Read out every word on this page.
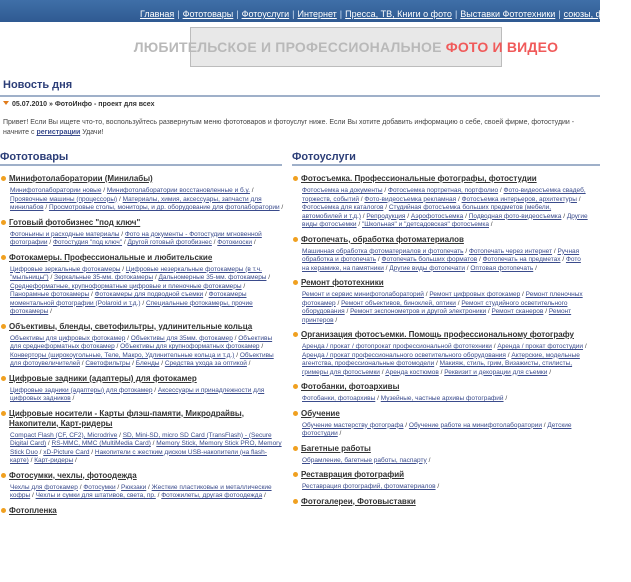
Главная | Фототовары | Фотоуслуги | Интернет | Пресса, ТВ, Книги о фото | Выставки Фототехники | союзы, фотоклу
ЛЮБИТЕЛЬСКОЕ И ПРОФЕССИОНАЛЬНОЕ ФОТО И ВИДЕО
Новость дня
05.07.2010 » ФотоИнфо - проект для всех
Привет! Если Вы ищете что-то, воспользуйтесь развернутым меню фототоваров и фотоуслуг ниже. Если Вы хотите добавить информацию о себе, своей фирме, фотостудии - начните с регистрации Удачи!
Фототовары	Фотоуслуги
Минифотолаборатории (Минилабы)
Минифотолаборатории новые / Минифотолаборатории восстановленные и б.у. / Проявочные машины (процессоры) / Материалы, химия, аксессуары, запчасти для минилабов / Просмотровые столы, мониторы, и др. оборудование для фотолаборатории /
Готовый фотобизнес "под ключ"
Фотоньины и расходные материалы / Фото на документы - Фотостудии мгновенной фотографии / Фотостудия "под ключ" / Другой готовый фотобизнес / Фотокиоски /
Фотокамеры. Профессиональные и любительские
Цифровые зеркальные фотокамеры / Цифровые незеркальные фотокамеры (в т.ч. "мыльницы") / Зеркальные 35-мм. фотокамеры / Дальномерные 35-мм. фотокамеры / Среднеформатные, крупноформатные цифровые и пленочные фотокамеры / Панорамные фотокамеры / Фотокамеры для подводной съемки / Фотокамеры моментальной фотографии (Polaroid и т.д.) / Специальные фотокамеры, прочие фотокамеры /
Объективы, бленды, светофильтры, удлинительные кольца
Объективы для цифровых фотокамер / Объективы для 35мм. фотокамер / Объективы для среднеформатных фотокамер / Объективы для крупноформатных фотокамер / Конверторы (широкоугольные, Теле, Макро, Удлинительные кольца и т.д.) / Объективы для фотоувеличителей / Светофильтры / Бленды / Средства ухода за оптикой /
Цифровые задники (адаптеры) для фотокамер
Цифровые задники (адаптеры) для фотокамер / Аксессуары и принадлежности для цифровых задников /
Цифровые носители - Карты флэш-памяти, Микродрайвы, Накопители, Карт-ридеры
Compact Flash (CF, CF2), Microdrive / SD, Mini-SD, micro SD Card (TransFlash) - (Secure Digital Card) / RS-MMC, MMC (MultiMedia Card) / Memory Stick, Memory Stick PRO, Memory Stick Duo / xD-Picture Card / Накопители с жестким диском USB-накопители (на flash-карте) / Карт-ридеры /
Фотосумки, чехлы, фотоодежда
Чехлы для фотокамер / Фотосумки / Рюкзаки / Жесткие пластиковые и металлические кофры / Чехлы и сумки для штативов, света, пр. / Фотожилеты, другая фотоодежда /
Фотопленка
Фотосъемка. Профессиональные фотографы, фотостудии
Фотосъемка на документы / Фотосъемка портретная, портфолио / Фото-видеосъемка свадеб, торжеств, событий / Фото-видеосъемка рекламная / Фотосъемка интерьеров, архитектуры / Фотосъемка для каталогов / Студийная фотосъемка больших предметов (мебели, автомобилей и т.д.) / Репродукция / Аэрофотосъемка / Подводная фото-видеосъемка / Другие виды фотосъемки / "Школьная" и "детсадовская" фотосъемка /
Фотопечать, обработка фотоматериалов
Машинная обработка фотоматериалов и фотопечать / Фотопечать через интернет / Ручная обработка и фотопечать / Фотопечать больших форматов / Фотопечать на предметах / Фото на керамике, на памятники / Другие виды фотопечати / Оптовая фотопечать /
Ремонт фототехники
Ремонт и сервис минифотолабораторий / Ремонт цифровых фотокамер / Ремонт пленочных фотокамер / Ремонт объективов, биноклей, оптики / Ремонт студийного осветительного оборудования / Ремонт экспонометров и другой электроники / Ремонт сканеров / Ремонт принтеров /
Организация фотосъемки. Помощь профессиональному фотографу
Аренда / прокат / фотопрокат профессиональной фототехники / Аренда / прокат фотостудии / Аренда / прокат профессионального осветительного оборудования / Актерские, модельные агентства, профессиональные фотомодели / Макияж, стиль, грим, Визажисты, стилисты, гримеры для фотосъемки / Аренда костюмов / Реквизит и декорации для съемки /
Фотобанки, фотоархивы
Фотобанки, фотоархивы / Музейные, частные архивы фотографий /
Обучение
Обучение мастерству фотографа / Обучение работе на минифотолаборатории / Детские фотостудии /
Багетные работы
Обрамление, багетные работы, паспарту /
Реставрация фотографий
Реставрация фотографий, фотоматериалов /
Фотогалереи, Фотовыставки
